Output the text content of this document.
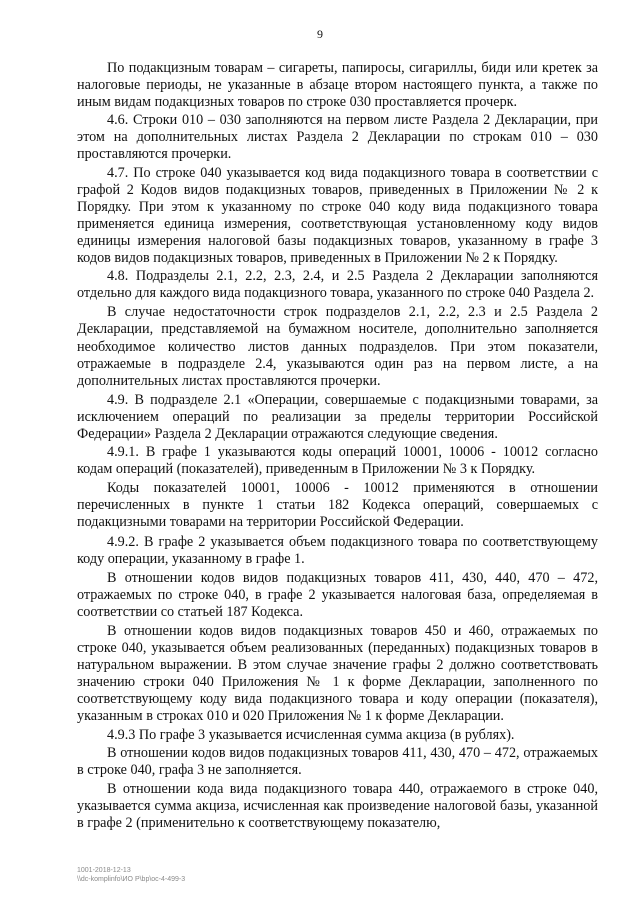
9

По подакцизным товарам – сигареты, папиросы, сигариллы, биди или кретек за налоговые периоды, не указанные в абзаце втором настоящего пункта, а также по иным видам подакцизных товаров по строке 030 проставляется прочерк.

4.6. Строки 010 – 030 заполняются на первом листе Раздела 2 Декларации, при этом на дополнительных листах Раздела 2 Декларации по строкам 010 – 030 проставляются прочерки.

4.7. По строке 040 указывается код вида подакцизного товара в соответствии с графой 2 Кодов видов подакцизных товаров, приведенных в Приложении № 2 к Порядку. При этом к указанному по строке 040 коду вида подакцизного товара применяется единица измерения, соответствующая установленному коду видов единицы измерения налоговой базы подакцизных товаров, указанному в графе 3 кодов видов подакцизных товаров, приведенных в Приложении № 2 к Порядку.

4.8. Подразделы 2.1, 2.2, 2.3, 2.4, и 2.5 Раздела 2 Декларации заполняются отдельно для каждого вида подакцизного товара, указанного по строке 040 Раздела 2.

В случае недостаточности строк подразделов 2.1, 2.2, 2.3 и 2.5 Раздела 2 Декларации, представляемой на бумажном носителе, дополнительно заполняется необходимое количество листов данных подразделов. При этом показатели, отражаемые в подразделе 2.4, указываются один раз на первом листе, а на дополнительных листах проставляются прочерки.

4.9. В подразделе 2.1 «Операции, совершаемые с подакцизными товарами, за исключением операций по реализации за пределы территории Российской Федерации» Раздела 2 Декларации отражаются следующие сведения.

4.9.1. В графе 1 указываются коды операций 10001, 10006 - 10012 согласно кодам операций (показателей), приведенным в Приложении № 3 к Порядку.

Коды показателей 10001, 10006 - 10012 применяются в отношении перечисленных в пункте 1 статьи 182 Кодекса операций, совершаемых с подакцизными товарами на территории Российской Федерации.

4.9.2. В графе 2 указывается объем подакцизного товара по соответствующему коду операции, указанному в графе 1.

В отношении кодов видов подакцизных товаров 411, 430, 440, 470 – 472, отражаемых по строке 040, в графе 2 указывается налоговая база, определяемая в соответствии со статьей 187 Кодекса.

В отношении кодов видов подакцизных товаров 450 и 460, отражаемых по строке 040, указывается объем реализованных (переданных) подакцизных товаров в натуральном выражении. В этом случае значение графы 2 должно соответствовать значению строки 040 Приложения № 1 к форме Декларации, заполненного по соответствующему коду вида подакцизного товара и коду операции (показателя), указанным в строках 010 и 020 Приложения № 1 к форме Декларации.

4.9.3 По графе 3 указывается исчисленная сумма акциза (в рублях).

В отношении кодов видов подакцизных товаров 411, 430, 470 – 472, отражаемых в строке 040, графа 3 не заполняется.

В отношении кода вида подакцизного товара 440, отражаемого в строке 040, указывается сумма акциза, исчисленная как произведение налоговой базы, указанной в графе 2 (применительно к соответствующему показателю,

1001-2018-12-13
\\dc-komplinfo\ИО P\bp\oc-4-499-3
